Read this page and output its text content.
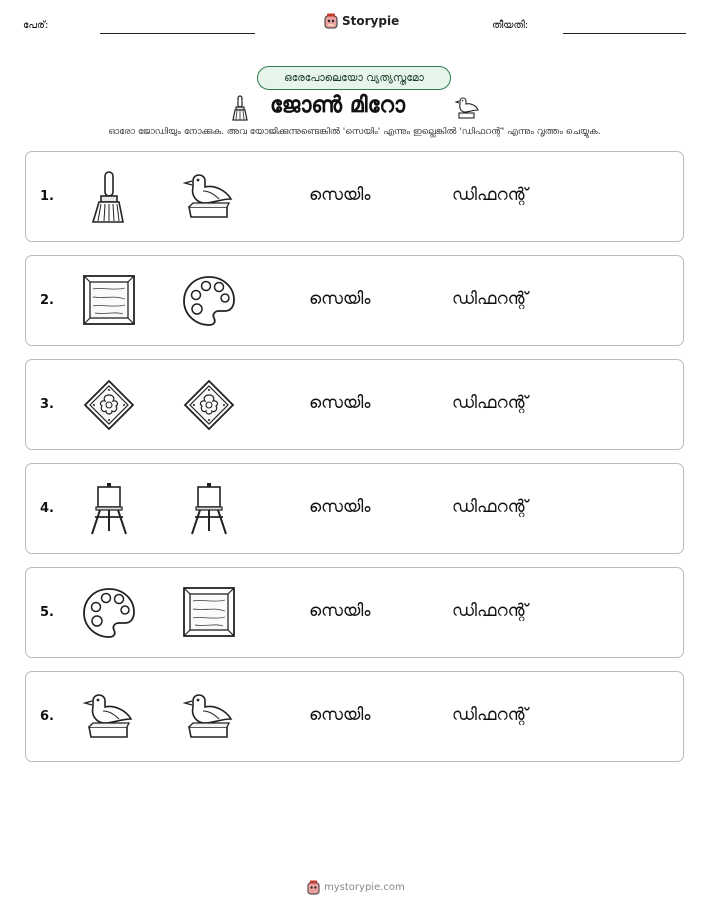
പേര്:	Storypie	തീയതി:
ഒരേപോലെയോ വ്യത്യസ്തമോ
ജോൺ മിറോ
ഓരോ ജോഡിയും നോക്കുക. അവ യോജിക്കുന്നുണ്ടെങ്കിൽ 'സെയിം' എന്നും ഇല്ലെങ്കിൽ 'ഡിഫറന്റ്' എന്നും വൃത്തം ചെയ്യുക.
1.	സെയിം	ഡിഫറന്റ്
2.	സെയിം	ഡിഫറന്റ്
3.	സെയിം	ഡിഫറന്റ്
4.	സെയിം	ഡിഫറന്റ്
5.	സെയിം	ഡിഫറന്റ്
6.	സെയിം	ഡിഫറന്റ്
mystorypie.com
